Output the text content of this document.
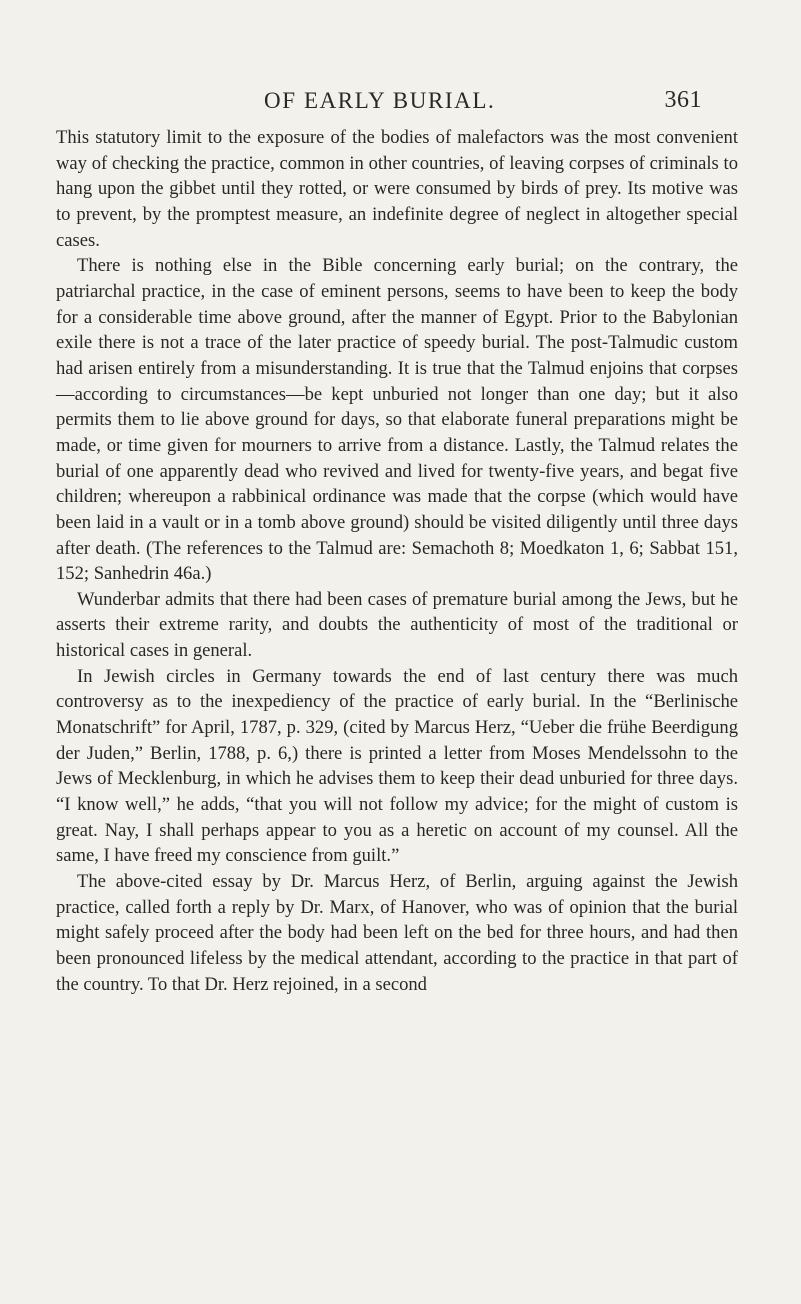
OF EARLY BURIAL.	361

This statutory limit to the exposure of the bodies of malefactors was the most convenient way of checking the practice, common in other countries, of leaving corpses of criminals to hang upon the gibbet until they rotted, or were consumed by birds of prey. Its motive was to prevent, by the promptest measure, an indefinite degree of neglect in altogether special cases.

There is nothing else in the Bible concerning early burial; on the contrary, the patriarchal practice, in the case of eminent persons, seems to have been to keep the body for a considerable time above ground, after the manner of Egypt. Prior to the Babylonian exile there is not a trace of the later practice of speedy burial. The post-Talmudic custom had arisen entirely from a misunderstanding. It is true that the Talmud enjoins that corpses—according to circumstances—be kept unburied not longer than one day; but it also permits them to lie above ground for days, so that elaborate funeral preparations might be made, or time given for mourners to arrive from a distance. Lastly, the Talmud relates the burial of one apparently dead who revived and lived for twenty-five years, and begat five children; whereupon a rabbinical ordinance was made that the corpse (which would have been laid in a vault or in a tomb above ground) should be visited diligently until three days after death. (The references to the Talmud are: Semachoth 8; Moedkaton 1, 6; Sabbat 151, 152; Sanhedrin 46a.)

Wunderbar admits that there had been cases of premature burial among the Jews, but he asserts their extreme rarity, and doubts the authenticity of most of the traditional or historical cases in general.

In Jewish circles in Germany towards the end of last century there was much controversy as to the inexpediency of the practice of early burial. In the “Berlinische Monatschrift” for April, 1787, p. 329, (cited by Marcus Herz, “Ueber die frühe Beerdigung der Juden,” Berlin, 1788, p. 6,) there is printed a letter from Moses Mendelssohn to the Jews of Mecklenburg, in which he advises them to keep their dead unburied for three days. “I know well,” he adds, “that you will not follow my advice; for the might of custom is great. Nay, I shall perhaps appear to you as a heretic on account of my counsel. All the same, I have freed my conscience from guilt.”

The above-cited essay by Dr. Marcus Herz, of Berlin, arguing against the Jewish practice, called forth a reply by Dr. Marx, of Hanover, who was of opinion that the burial might safely proceed after the body had been left on the bed for three hours, and had then been pronounced lifeless by the medical attendant, according to the practice in that part of the country. To that Dr. Herz rejoined, in a second
